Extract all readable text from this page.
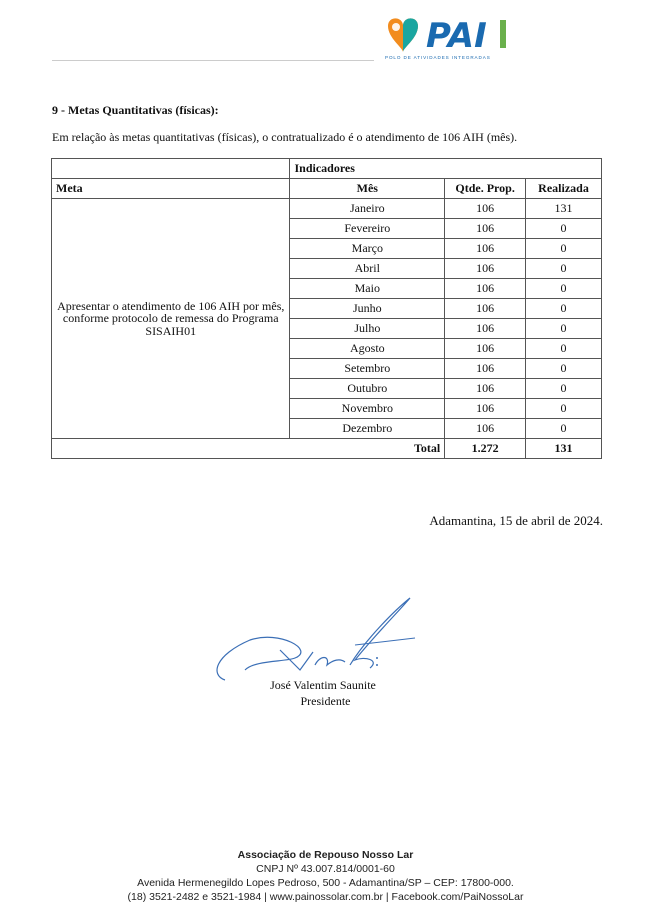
PAI
POLO DE ATIVIDADES INTEGRADAS
9 - Metas Quantitativas (físicas):
Em relação às metas quantitativas (físicas), o contratualizado é o atendimento de 106 AIH (mês).
	Indicadores		
Meta	Mês	Qtde. Prop.	Realizada
Apresentar o atendimento de 106 AIH por mês, conforme protocolo de remessa do Programa SISAIH01	Janeiro	106	131
	Fevereiro	106	0
	Março	106	0
	Abril	106	0
	Maio	106	0
	Junho	106	0
	Julho	106	0
	Agosto	106	0
	Setembro	106	0
	Outubro	106	0
	Novembro	106	0
	Dezembro	106	0
Total		1.272	131
Adamantina, 15 de abril de 2024.
José Valentim Saunite
Presidente
Associação de Repouso Nosso Lar
CNPJ Nº 43.007.814/0001-60
Avenida Hermenegildo Lopes Pedroso, 500 - Adamantina/SP – CEP: 17800-000.
(18) 3521-2482 e 3521-1984 | www.painossolar.com.br | Facebook.com/PaiNossoLar
